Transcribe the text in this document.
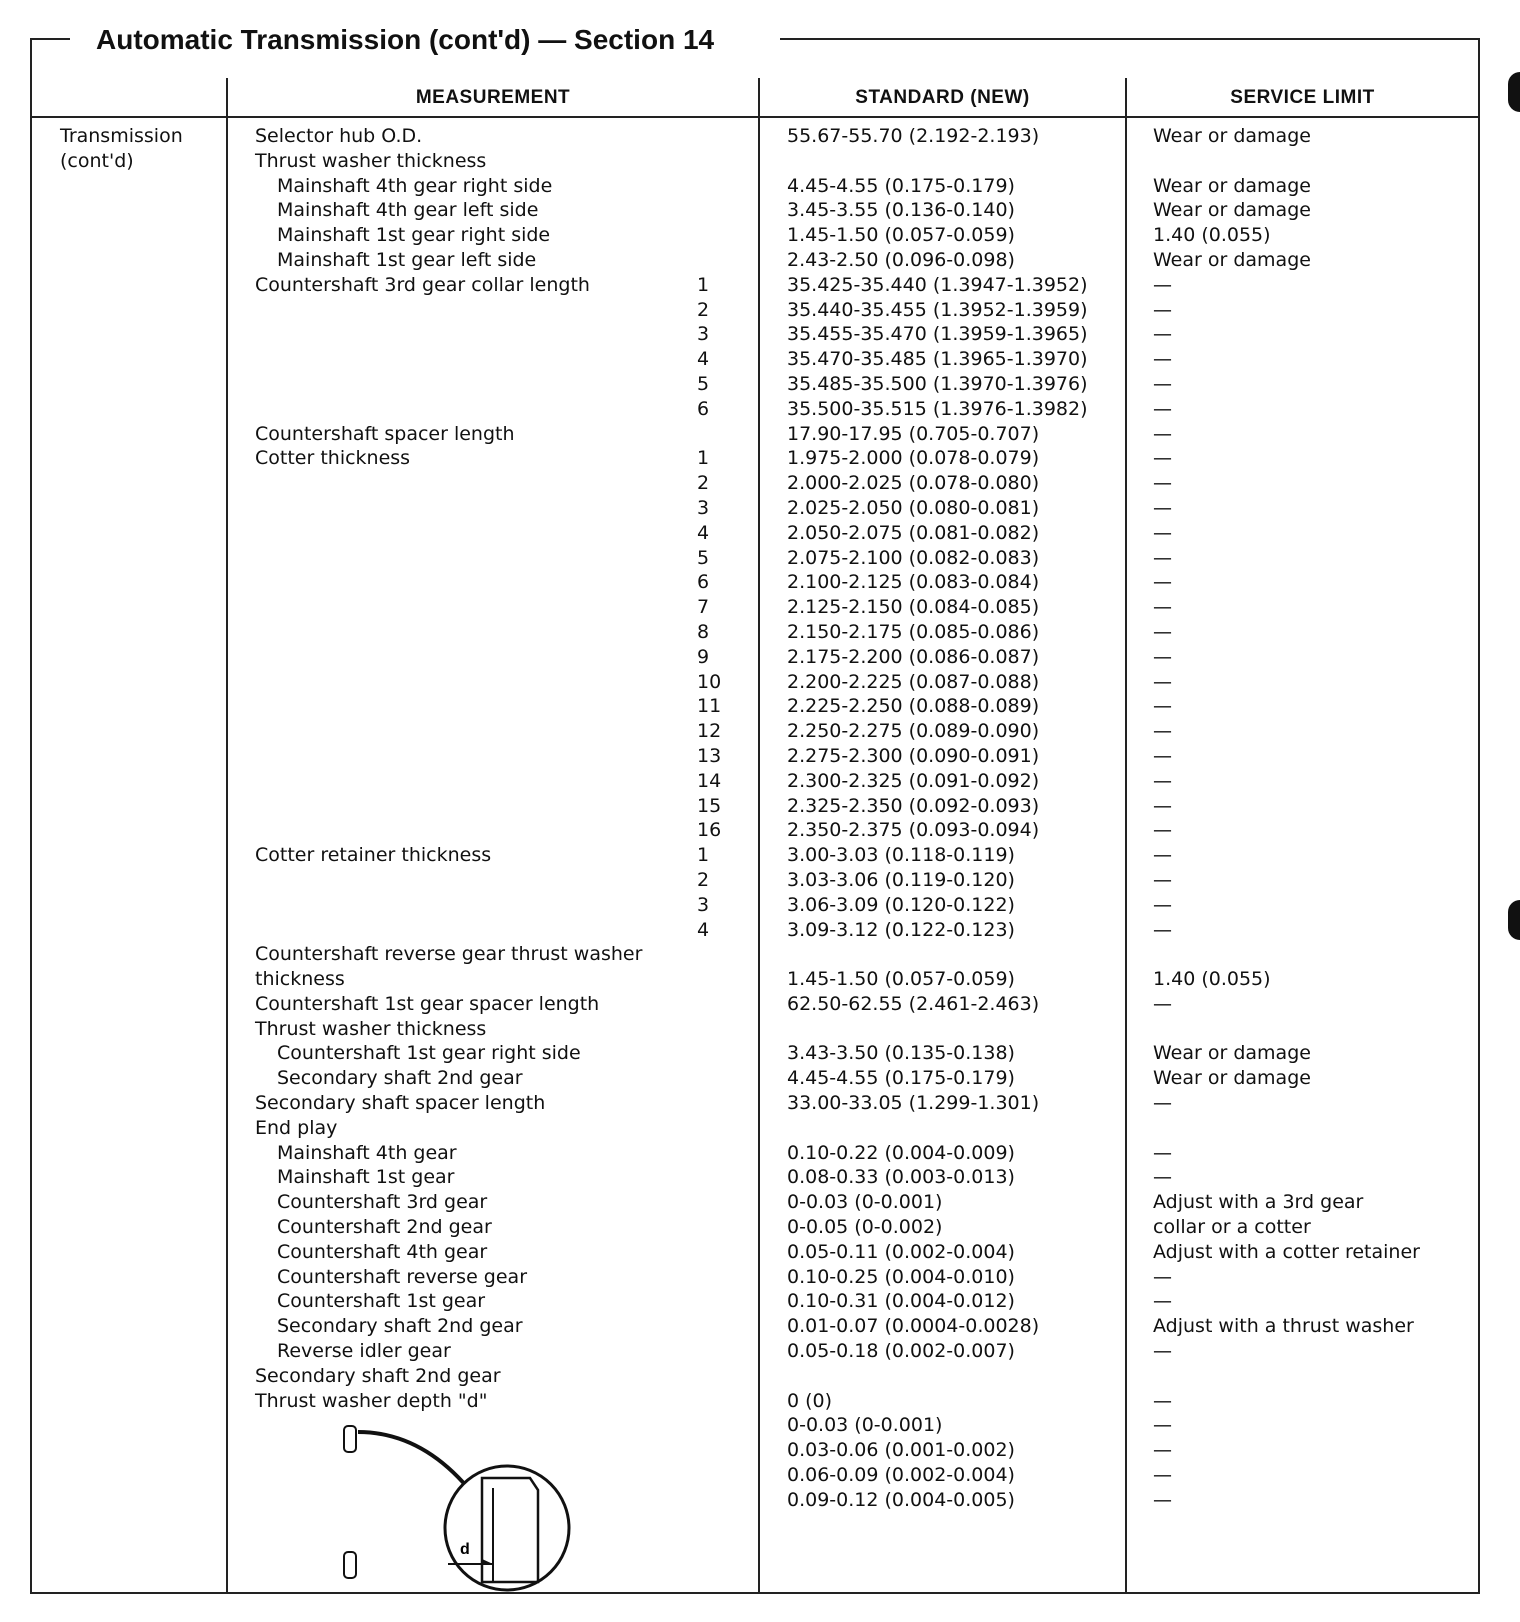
Automatic Transmission (cont'd) — Section 14
MEASUREMENT	STANDARD (NEW)	SERVICE LIMIT
Transmission
(cont'd)
Selector hub O.D.	55.67-55.70 (2.192-2.193)	Wear or damage
Thrust washer thickness
Mainshaft 4th gear right side	4.45-4.55 (0.175-0.179)	Wear or damage
Mainshaft 4th gear left side	3.45-3.55 (0.136-0.140)	Wear or damage
Mainshaft 1st gear right side	1.45-1.50 (0.057-0.059)	1.40 (0.055)
Mainshaft 1st gear left side	2.43-2.50 (0.096-0.098)	Wear or damage
Countershaft 3rd gear collar length	1	35.425-35.440 (1.3947-1.3952)	—
2	35.440-35.455 (1.3952-1.3959)	—
3	35.455-35.470 (1.3959-1.3965)	—
4	35.470-35.485 (1.3965-1.3970)	—
5	35.485-35.500 (1.3970-1.3976)	—
6	35.500-35.515 (1.3976-1.3982)	—
Countershaft spacer length	17.90-17.95 (0.705-0.707)	—
Cotter thickness	1	1.975-2.000 (0.078-0.079)	—
2	2.000-2.025 (0.078-0.080)	—
3	2.025-2.050 (0.080-0.081)	—
4	2.050-2.075 (0.081-0.082)	—
5	2.075-2.100 (0.082-0.083)	—
6	2.100-2.125 (0.083-0.084)	—
7	2.125-2.150 (0.084-0.085)	—
8	2.150-2.175 (0.085-0.086)	—
9	2.175-2.200 (0.086-0.087)	—
10	2.200-2.225 (0.087-0.088)	—
11	2.225-2.250 (0.088-0.089)	—
12	2.250-2.275 (0.089-0.090)	—
13	2.275-2.300 (0.090-0.091)	—
14	2.300-2.325 (0.091-0.092)	—
15	2.325-2.350 (0.092-0.093)	—
16	2.350-2.375 (0.093-0.094)	—
Cotter retainer thickness	1	3.00-3.03 (0.118-0.119)	—
2	3.03-3.06 (0.119-0.120)	—
3	3.06-3.09 (0.120-0.122)	—
4	3.09-3.12 (0.122-0.123)	—
Countershaft reverse gear thrust washer
thickness	1.45-1.50 (0.057-0.059)	1.40 (0.055)
Countershaft 1st gear spacer length	62.50-62.55 (2.461-2.463)	—
Thrust washer thickness
Countershaft 1st gear right side	3.43-3.50 (0.135-0.138)	Wear or damage
Secondary shaft 2nd gear	4.45-4.55 (0.175-0.179)	Wear or damage
Secondary shaft spacer length	33.00-33.05 (1.299-1.301)	—
End play
Mainshaft 4th gear	0.10-0.22 (0.004-0.009)	—
Mainshaft 1st gear	0.08-0.33 (0.003-0.013)	—
Countershaft 3rd gear	0-0.03 (0-0.001)	Adjust with a 3rd gear
Countershaft 2nd gear	0-0.05 (0-0.002)	collar or a cotter
Countershaft 4th gear	0.05-0.11 (0.002-0.004)	Adjust with a cotter retainer
Countershaft reverse gear	0.10-0.25 (0.004-0.010)	—
Countershaft 1st gear	0.10-0.31 (0.004-0.012)	—
Secondary shaft 2nd gear	0.01-0.07 (0.0004-0.0028)	Adjust with a thrust washer
Reverse idler gear	0.05-0.18 (0.002-0.007)	—
Secondary shaft 2nd gear
Thrust washer depth "d"	0 (0)	—
0-0.03 (0-0.001)	—
0.03-0.06 (0.001-0.002)	—
0.06-0.09 (0.002-0.004)	—
0.09-0.12 (0.004-0.005)	—
d
